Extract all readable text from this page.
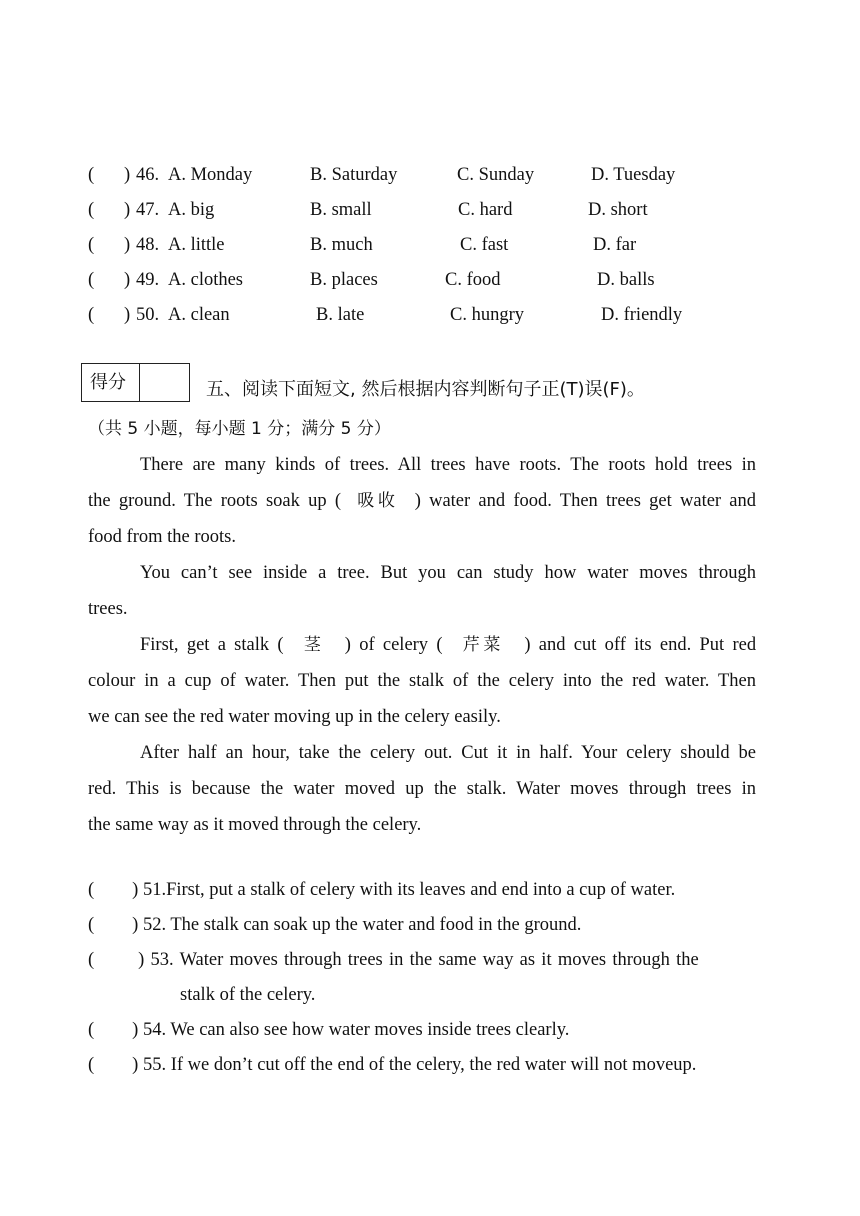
( ) 46. A. Monday	B. Saturday	C. Sunday	D. Tuesday
( ) 47. A. big	B. small	C. hard	D. short
( ) 48. A. little	B. much	C. fast	D. far
( ) 49. A. clothes	B. places	C. food	D. balls
( ) 50. A. clean	B. late	C. hungry	D. friendly
得分	五、阅读下面短文, 然后根据内容判断句子正(T)误(F)。
（共 5 小题，每小题 1 分；满分 5 分）
There are many kinds of trees. All trees have roots. The roots hold trees in
the ground. The roots soak up ( 吸收 ) water and food. Then trees get water and
food from the roots.
You can’t see inside a tree. But you can study how water moves through
trees.
First, get a stalk ( 茎 ) of celery ( 芹菜 ) and cut off its end. Put red
colour in a cup of water. Then put the stalk of the celery into the red water. Then
we can see the red water moving up in the celery easily.
After half an hour, take the celery out. Cut it in half. Your celery should be
red. This is because the water moved up the stalk. Water moves through trees in
the same way as it moved through the celery.
( ) 51.First, put a stalk of celery with its leaves and end into a cup of water.
( ) 52. The stalk can soak up the water and food in the ground.
( ) 53. Water moves through trees in the same way as it moves through the
stalk of the celery.
( ) 54. We can also see how water moves inside trees clearly.
( ) 55. If we don’t cut off the end of the celery, the red water will not moveup.
